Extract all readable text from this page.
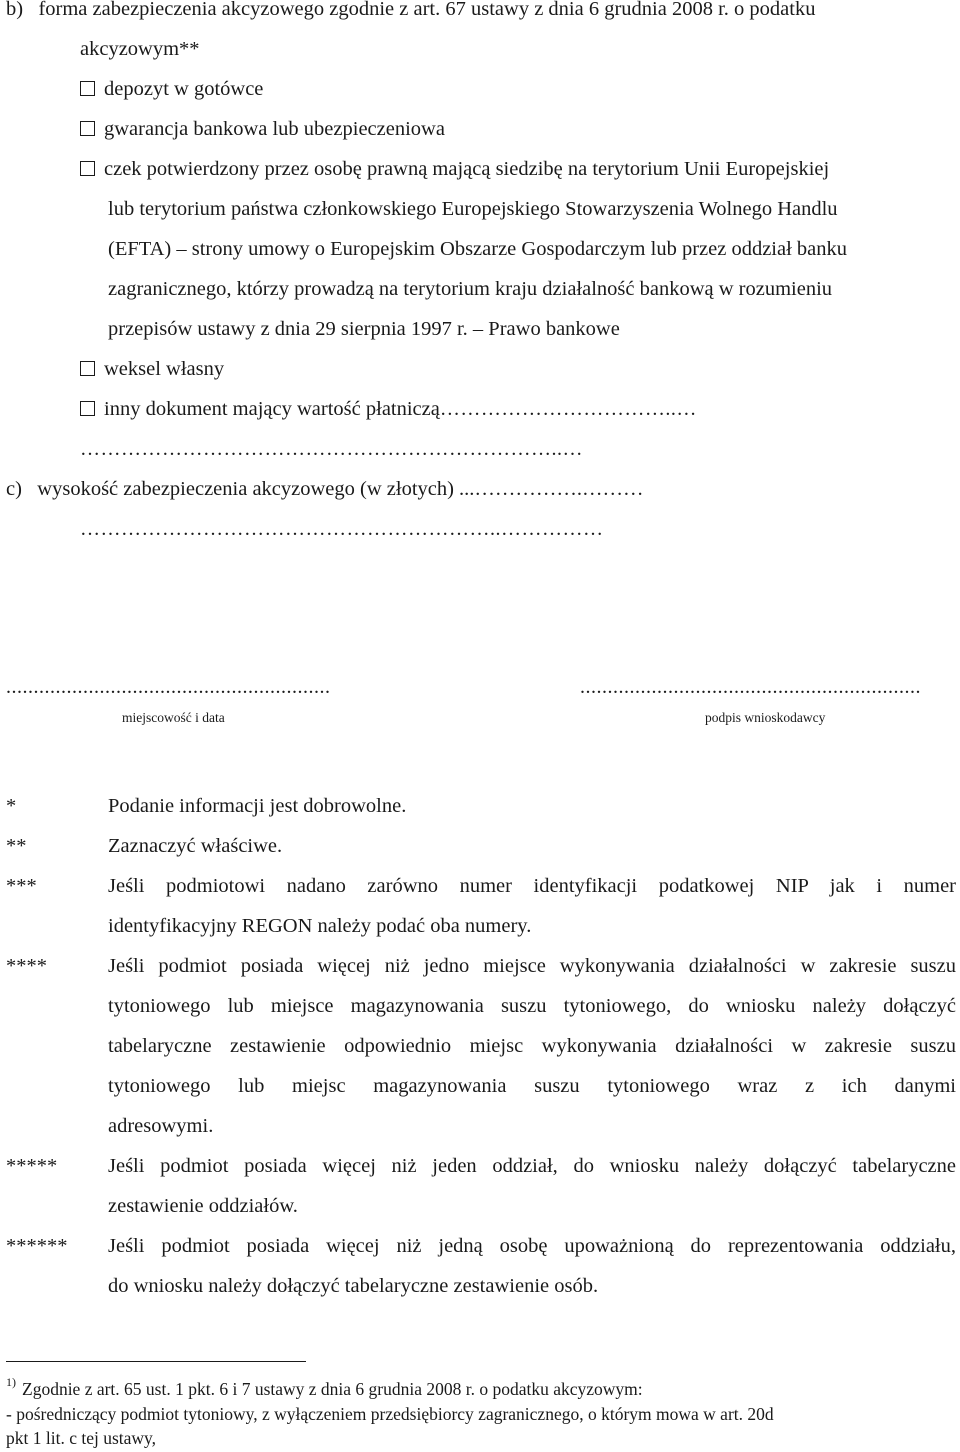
b)   forma zabezpieczenia akcyzowego zgodnie z art. 67 ustawy z dnia 6 grudnia 2008 r. o podatku
akcyzowym**
depozyt w gotówce
gwarancja bankowa lub ubezpieczeniowa
czek potwierdzony przez osobę prawną mającą siedzibę na terytorium Unii Europejskiej
lub terytorium państwa członkowskiego Europejskiego Stowarzyszenia Wolnego Handlu
(EFTA) – strony umowy o Europejskim Obszarze Gospodarczym lub przez oddział banku
zagranicznego, którzy prowadzą na terytorium kraju działalność bankową w rozumieniu
przepisów ustawy z dnia 29 sierpnia 1997 r. – Prawo bankowe
weksel własny
inny dokument mający wartość płatniczą……………………………..…
……………………………………………………………..…
c)   wysokość zabezpieczenia akcyzowego (w złotych) ...…………….………
……………………………………………………..……………
...........................................................
miejscowość i data
..............................................................
podpis wnioskodawcy
*	Podanie informacji jest dobrowolne.
**	Zaznaczyć właściwe.
***	Jeśli podmiotowi nadano zarówno numer identyfikacji podatkowej NIP jak i numer
identyfikacyjny REGON należy podać oba numery.
****	Jeśli podmiot posiada więcej niż jedno miejsce wykonywania działalności w zakresie suszu
tytoniowego lub miejsce magazynowania suszu tytoniowego, do wniosku należy dołączyć
tabelaryczne zestawienie odpowiednio miejsc wykonywania działalności w zakresie suszu
tytoniowego lub miejsc magazynowania suszu tytoniowego wraz z ich danymi
adresowymi.
***** Jeśli podmiot posiada więcej niż jeden oddział, do wniosku należy dołączyć tabelaryczne
zestawienie oddziałów.
****** Jeśli podmiot posiada więcej niż jedną osobę upoważnioną do reprezentowania oddziału,
do wniosku należy dołączyć tabelaryczne zestawienie osób.
1) Zgodnie z art. 65 ust. 1 pkt. 6 i 7 ustawy z dnia 6 grudnia 2008 r. o podatku akcyzowym:
- pośredniczący podmiot tytoniowy, z wyłączeniem przedsiębiorcy zagranicznego, o którym mowa w art. 20d
pkt 1 lit. c tej ustawy,
